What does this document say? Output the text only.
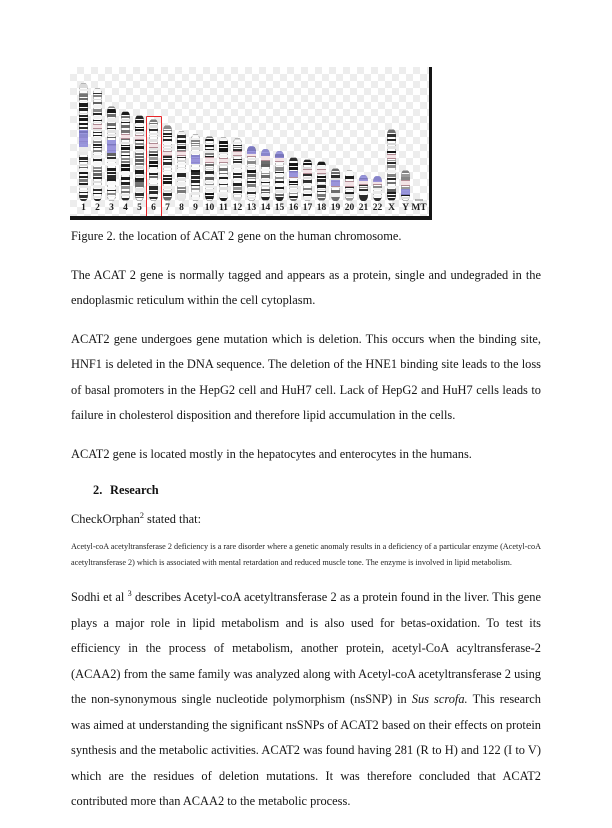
1 2 3 4 5 6 7 8 9 10 11 12 13 14 15 16 17 18 19 20 21 22 X Y MT

Figure 2. the location of ACAT 2 gene on the human chromosome.

The ACAT 2 gene is normally tagged and appears as a protein, single and undegraded in the endoplasmic reticulum within the cell cytoplasm.

ACAT2 gene undergoes gene mutation which is deletion. This occurs when the binding site, HNF1 is deleted in the DNA sequence. The deletion of the HNE1 binding site leads to the loss of basal promoters in the HepG2 cell and HuH7 cell. Lack of HepG2 and HuH7 cells leads to failure in cholesterol disposition and therefore lipid accumulation in the cells.

ACAT2 gene is located mostly in the hepatocytes and enterocytes in the humans.

2. Research

CheckOrphan$^2$ stated that:

Acetyl-coA acetyltransferase 2 deficiency is a rare disorder where a genetic anomaly results in a deficiency of a particular enzyme (Acetyl-coA acetyltransferase 2) which is associated with mental retardation and reduced muscle tone. The enzyme is involved in lipid metabolism.

Sodhi et al $^3$ describes Acetyl-coA acetyltransferase 2 as a protein found in the liver. This gene plays a major role in lipid metabolism and is also used for betas-oxidation. To test its efficiency in the process of metabolism, another protein, acetyl-CoA acyltransferase-2 (ACAA2) from the same family was analyzed along with Acetyl-coA acetyltransferase 2 using the non-synonymous single nucleotide polymorphism (nsSNP) in Sus scrofa. This research was aimed at understanding the significant nsSNPs of ACAT2 based on their effects on protein synthesis and the metabolic activities. ACAT2 was found having 281 (R to H) and 122 (I to V) which are the residues of deletion mutations. It was therefore concluded that ACAT2 contributed more than ACAA2 to the metabolic process.
